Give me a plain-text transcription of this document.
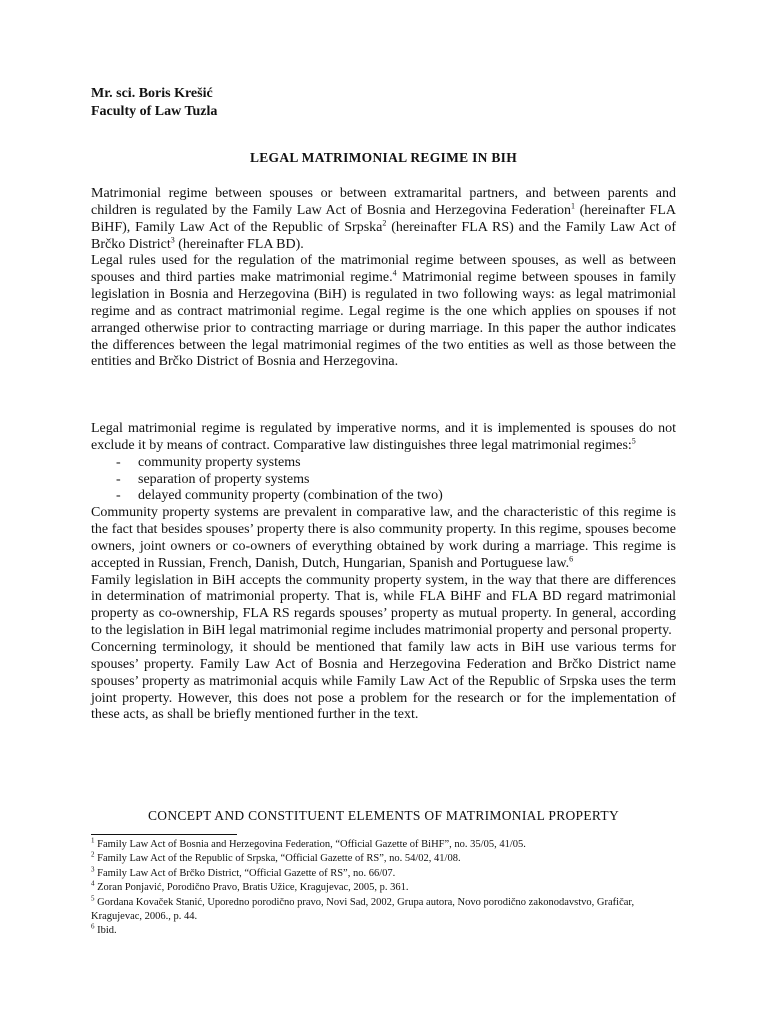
Mr. sci. Boris Krešić
Faculty of Law Tuzla
LEGAL MATRIMONIAL REGIME IN BIH

Matrimonial regime between spouses or between extramarital partners, and between parents and children is regulated by the Family Law Act of Bosnia and Herzegovina Federation$^1$ (hereinafter FLA BiHF), Family Law Act of the Republic of Srpska$^2$ (hereinafter FLA RS) and the Family Law Act of Brčko District$^3$ (hereinafter FLA BD).

Legal rules used for the regulation of the matrimonial regime between spouses, as well as between spouses and third parties make matrimonial regime.$^4$ Matrimonial regime between spouses in family legislation in Bosnia and Herzegovina (BiH) is regulated in two following ways: as legal matrimonial regime and as contract matrimonial regime. Legal regime is the one which applies on spouses if not arranged otherwise prior to contracting marriage or during marriage. In this paper the author indicates the differences between the legal matrimonial regimes of the two entities as well as those between the entities and Brčko District of Bosnia and Herzegovina.

Legal matrimonial regime is regulated by imperative norms, and it is implemented is spouses do not exclude it by means of contract. Comparative law distinguishes three legal matrimonial regimes:$^5$

- community property systems
- separation of property systems
- delayed community property (combination of the two)

Community property systems are prevalent in comparative law, and the characteristic of this regime is the fact that besides spouses’ property there is also community property. In this regime, spouses become owners, joint owners or co-owners of everything obtained by work during a marriage. This regime is accepted in Russian, French, Danish, Dutch, Hungarian, Spanish and Portuguese law.$^6$

Family legislation in BiH accepts the community property system, in the way that there are differences in determination of matrimonial property. That is, while FLA BiHF and FLA BD regard matrimonial property as co-ownership, FLA RS regards spouses’ property as mutual property. In general, according to the legislation in BiH legal matrimonial regime includes matrimonial property and personal property.

Concerning terminology, it should be mentioned that family law acts in BiH use various terms for spouses’ property. Family Law Act of Bosnia and Herzegovina Federation and Brčko District name spouses’ property as matrimonial acquis while Family Law Act of the Republic of Srpska uses the term joint property. However, this does not pose a problem for the research or for the implementation of these acts, as shall be briefly mentioned further in the text.

CONCEPT AND CONSTITUENT ELEMENTS OF MATRIMONIAL PROPERTY
$^1$ Family Law Act of Bosnia and Herzegovina Federation, “Official Gazette of BiHF”, no. 35/05, 41/05.
$^2$ Family Law Act of the Republic of Srpska, “Official Gazette of RS”, no. 54/02, 41/08.
$^3$ Family Law Act of Brčko District, “Official Gazette of RS”, no. 66/07.
$^4$ Zoran Ponjavić, Porodično Pravo, Bratis Užice, Kragujevac, 2005, p. 361.
$^5$ Gordana Kovaček Stanić, Uporedno porodično pravo, Novi Sad, 2002, Grupa autora, Novo porodično zakonodavstvo, Grafičar, Kragujevac, 2006., p. 44.
$^6$ Ibid.
